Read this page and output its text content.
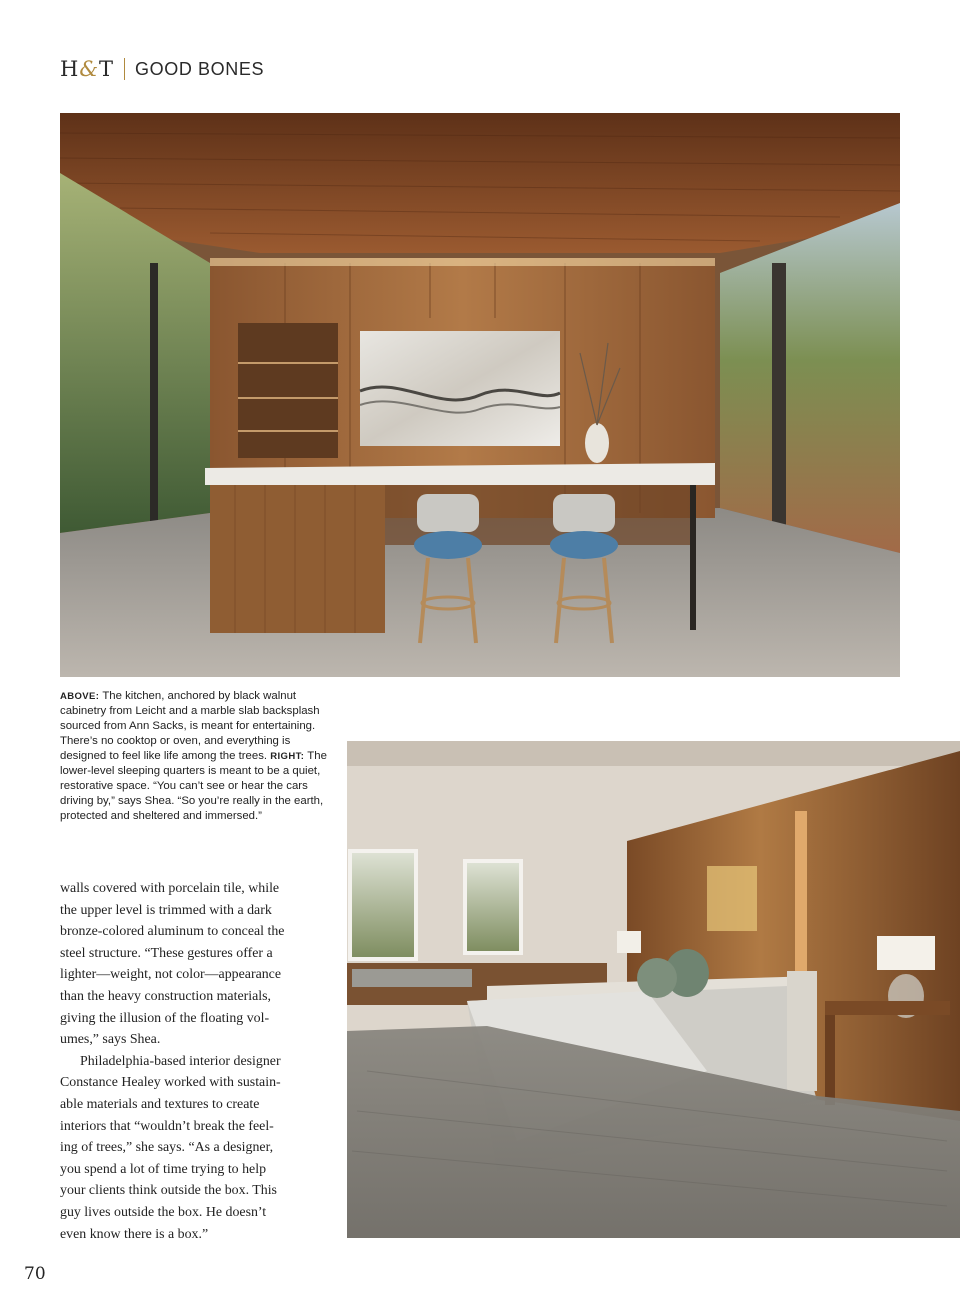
H&T GOOD BONES
ABOVE: The kitchen, anchored by black walnut cabinetry from Leicht and a marble slab backsplash sourced from Ann Sacks, is meant for entertaining. There’s no cooktop or oven, and everything is designed to feel like life among the trees. RIGHT: The lower-level sleeping quarters is meant to be a quiet, restorative space. “You can’t see or hear the cars driving by,” says Shea. “So you’re really in the earth, protected and sheltered and immersed.”
walls covered with porcelain tile, while
the upper level is trimmed with a dark
bronze-colored aluminum to conceal the
steel structure. “These gestures offer a
lighter—weight, not color—appearance
than the heavy construction materials,
giving the illusion of the floating vol-
umes,” says Shea.
Philadelphia-based interior designer
Constance Healey worked with sustain-
able materials and textures to create
interiors that “wouldn’t break the feel-
ing of trees,” she says. “As a designer,
you spend a lot of time trying to help
your clients think outside the box. This
guy lives outside the box. He doesn’t
even know there is a box.”
70
